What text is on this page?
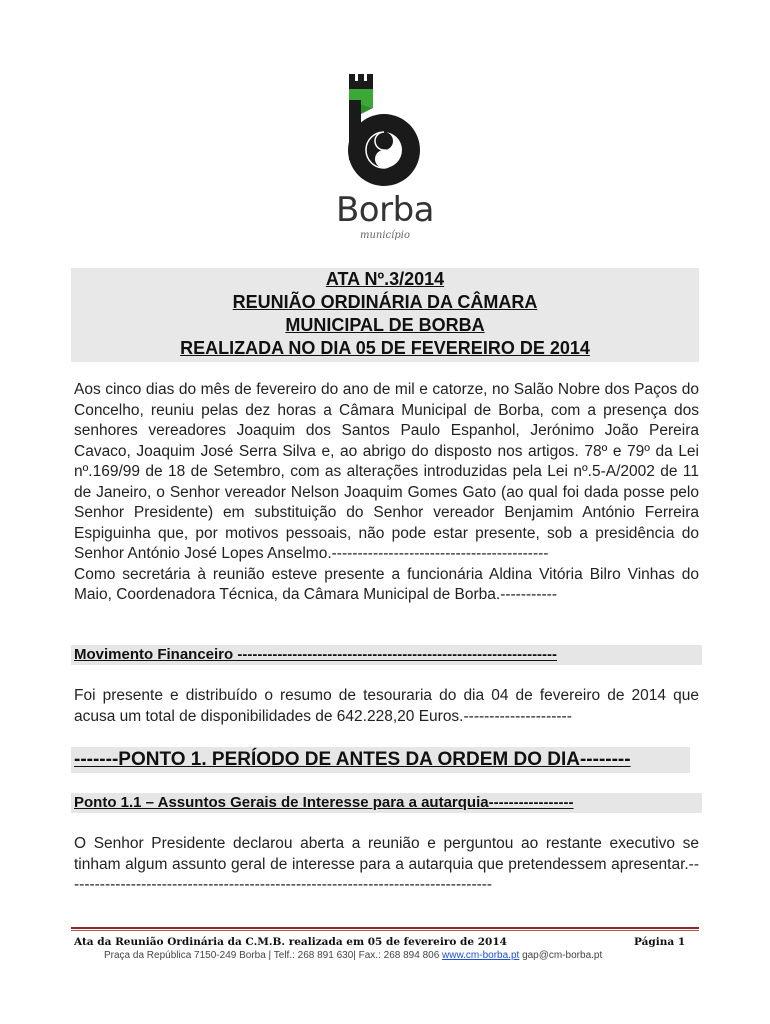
Borba
município
ATA Nº.3/2014
REUNIÃO ORDINÁRIA DA CÂMARA
MUNICIPAL DE BORBA
REALIZADA NO DIA 05 DE FEVEREIRO DE 2014

Aos cinco dias do mês de fevereiro do ano de mil e catorze, no Salão Nobre dos Paços do Concelho, reuniu pelas dez horas a Câmara Municipal de Borba, com a presença dos senhores vereadores Joaquim dos Santos Paulo Espanhol, Jerónimo João Pereira Cavaco, Joaquim José Serra Silva e, ao abrigo do disposto nos artigos. 78º e 79º da Lei nº.169/99 de 18 de Setembro, com as alterações introduzidas pela Lei nº.5-A/2002 de 11 de Janeiro, o Senhor vereador Nelson Joaquim Gomes Gato (ao qual foi dada posse pelo Senhor Presidente) em substituição do Senhor vereador Benjamim António Ferreira Espiguinha que, por motivos pessoais, não pode estar presente, sob a presidência do Senhor António José Lopes Anselmo.------------------------------------------

Como secretária à reunião esteve presente a funcionária Aldina Vitória Bilro Vinhas do Maio, Coordenadora Técnica, da Câmara Municipal de Borba.-----------

Movimento Financeiro ----------------------------------------------------------------

Foi presente e distribuído o resumo de tesouraria do dia 04 de fevereiro de 2014 que acusa um total de disponibilidades de 642.228,20 Euros.---------------------

-------PONTO 1. PERÍODO DE ANTES DA ORDEM DO DIA--------
Ponto 1.1 – Assuntos Gerais de Interesse para a autarquia-----------------

O Senhor Presidente declarou aberta a reunião e perguntou ao restante executivo se tinham algum assunto geral de interesse para a autarquia que pretendessem apresentar.-----------------------------------------------------------------------------------

Ata da Reunião Ordinária da C.M.B. realizada em 05 de fevereiro de 2014	Página 1
Praça da República 7150-249 Borba | Telf.: 268 891 630| Fax.: 268 894 806 www.cm-borba.pt gap@cm-borba.pt
